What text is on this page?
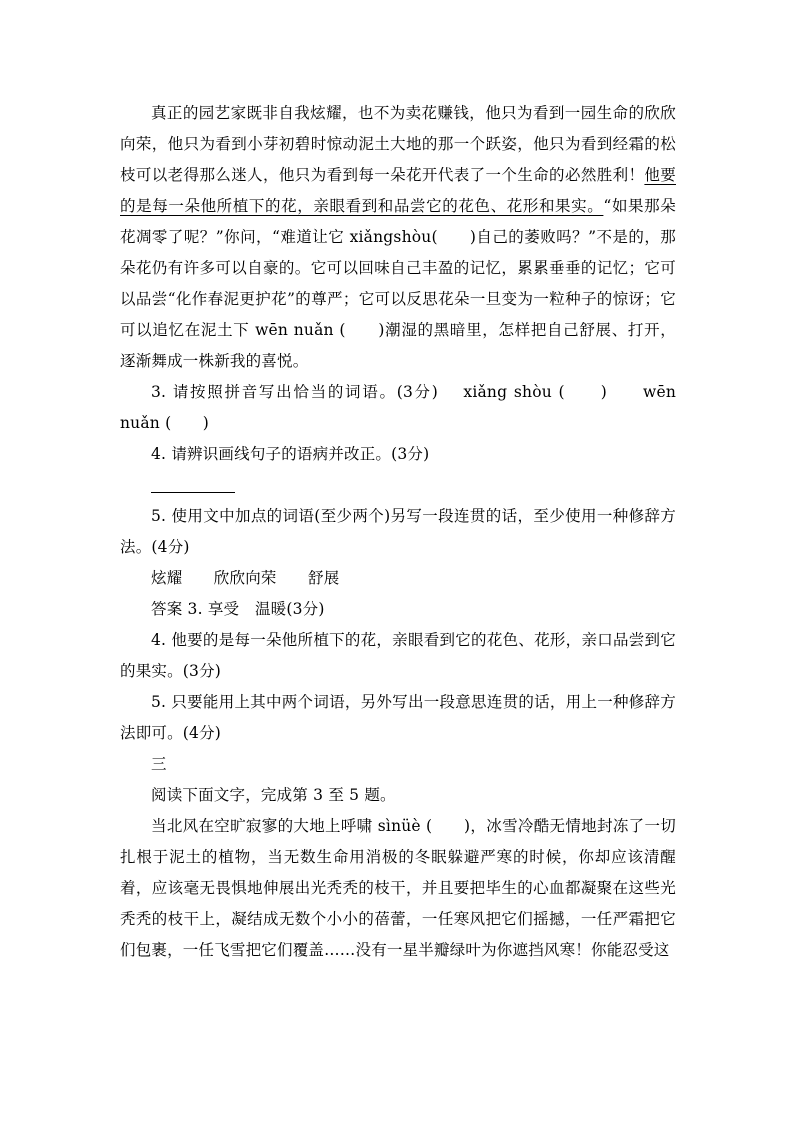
真正的园艺家既非自我炫耀，也不为卖花赚钱，他只为看到一园生命的欣欣向荣，他只为看到小芽初碧时惊动泥土大地的那一个跃姿，他只为看到经霜的松枝可以老得那么迷人，他只为看到每一朵花开代表了一个生命的必然胜利！他要的是每一朵他所植下的花，亲眼看到和品尝它的花色、花形和果实。“如果那朵花凋零了呢？”你问，“难道让它 xiǎngshòu(　　)自己的萎败吗？”不是的，那朵花仍有许多可以自豪的。它可以回味自己丰盈的记忆，累累垂垂的记忆；它可以品尝“化作春泥更护花”的尊严；它可以反思花朵一旦变为一粒种子的惊讶；它可以追忆在泥土下 wēn nuǎn (　　)潮湿的黑暗里，怎样把自己舒展、打开，逐渐舞成一株新我的喜悦。

3. 请按照拼音写出恰当的词语。(3分)　 xiǎng shòu (　　)　　wēn nuǎn (　　)

4. 请辨识画线句子的语病并改正。(3分)

5. 使用文中加点的词语(至少两个)另写一段连贯的话，至少使用一种修辞方法。(4分)

炫耀　　欣欣向荣　　舒展

答案 3. 享受　温暖(3分)

4. 他要的是每一朵他所植下的花，亲眼看到它的花色、花形，亲口品尝到它的果实。(3分)

5. 只要能用上其中两个词语，另外写出一段意思连贯的话，用上一种修辞方法即可。(4分)

三

阅读下面文字，完成第 3 至 5 题。

当北风在空旷寂寥的大地上呼啸 sìnüè (　　)，冰雪冷酷无情地封冻了一切扎根于泥土的植物，当无数生命用消极的冬眠躲避严寒的时候，你却应该清醒着，应该毫无畏惧地伸展出光秃秃的枝干，并且要把毕生的心血都凝聚在这些光秃秃的枝干上，凝结成无数个小小的蓓蕾，一任寒风把它们摇撼，一任严霜把它们包裹，一任飞雪把它们覆盖……没有一星半瓣绿叶为你遮挡风寒！你能忍受这
